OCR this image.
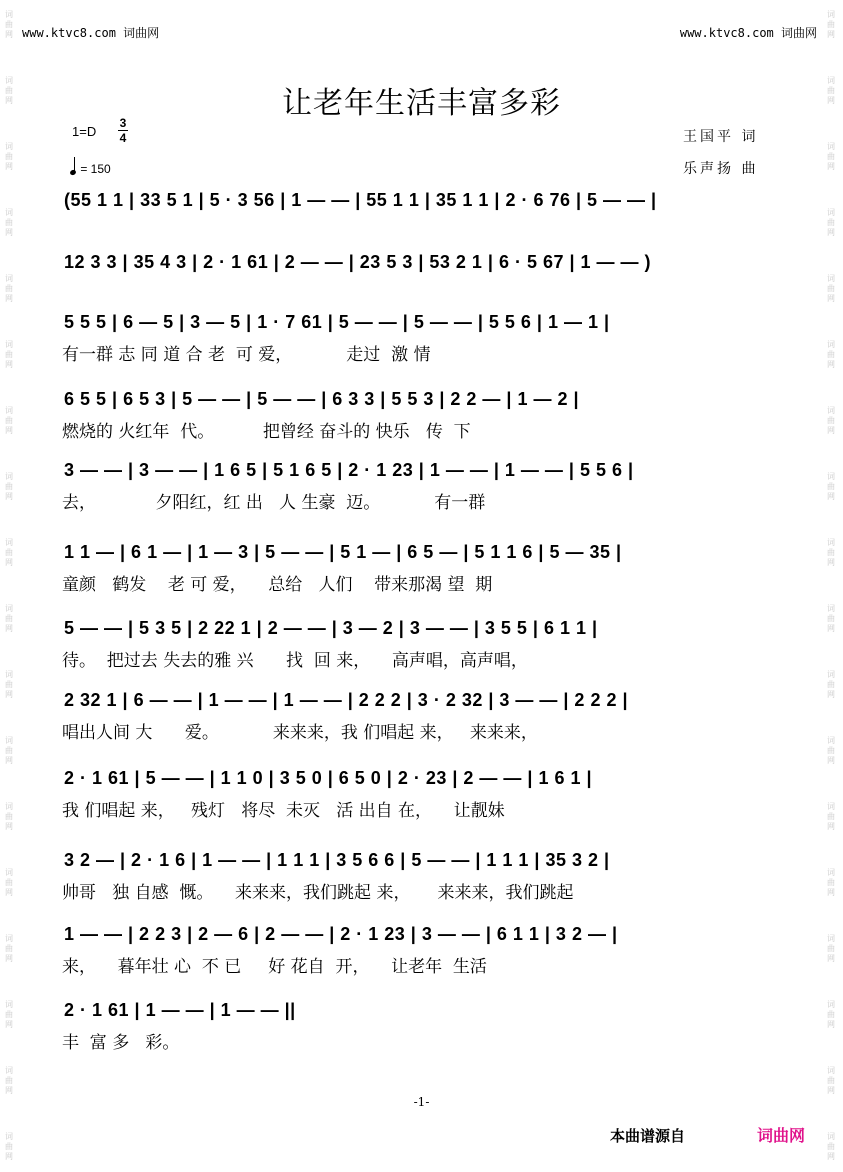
词
曲
网
词
曲
网
词
曲
网
词
曲
网
词
曲
网
词
曲
网
词
曲
网
词
曲
网
词
曲
网
词
曲
网
词
曲
网
词
曲
网
词
曲
网
词
曲
网
词
曲
网
词
曲
网
词
曲
网
词
曲
网
词
曲
网
词
曲
网
词
曲
网
词
曲
网
词
曲
网
词
曲
网
词
曲
网
词
曲
网
词
曲
网
词
曲
网
词
曲
网
词
曲
网
词
曲
网
词
曲
网
词
曲
网
词
曲
网
词
曲
网
词
曲
网
www.ktvc8.com 词曲网	www.ktvc8.com 词曲网
让老年生活丰富多彩
1=D
3
4
= 150
王国平 词
乐声扬 曲
(55 1 1 | 33 5 1 | 5 · 3 56 | 1 — — | 55 1 1 | 35 1 1 | 2 · 6 76 | 5 — — |
12 3 3 | 35 4 3 | 2 · 1 61 | 2 — — | 23 5 3 | 53 2 1 | 6 · 5 67 | 1 — — )
5 5 5 | 6 — 5 | 3 — 5 | 1 · 7 61 | 5 — — | 5 — — | 5 5 6 | 1 — 1 |
有一群 志 同 道 合 老  可 爱，          走过  激 情
6 5 5 | 6 5 3 | 5 — — | 5 — — | 6 3 3 | 5 5 3 | 2 2 — | 1 — 2 |
燃烧的 火红年  代。         把曾经 奋斗的 快乐   传  下
3 — — | 3 — — | 1 6 5 | 5 1 6 5 | 2 · 1 23 | 1 — — | 1 — — | 5 5 6 |
去，           夕阳红，红 出   人 生豪  迈。          有一群
1 1 — | 6 1 — | 1 — 3 | 5 — — | 5 1 — | 6 5 — | 5 1 1 6 | 5 — 35 |
童颜   鹤发    老 可 爱，    总给   人们    带来那渴 望  期
5 — — | 5 3 5 | 2 22 1 | 2 — — | 3 — 2 | 3 — — | 3 5 5 | 6 1 1 |
待。  把过去 失去的雅 兴      找  回 来，    高声唱，高声唱，
2 32 1 | 6 — — | 1 — — | 1 — — | 2 2 2 | 3 · 2 32 | 3 — — | 2 2 2 |
唱出人间 大      爱。          来来来，我 们唱起 来，   来来来，
2 · 1 61 | 5 — — | 1 1 0 | 3 5 0 | 6 5 0 | 2 · 23 | 2 — — | 1 6 1 |
我 们唱起 来，   残灯   将尽  未灭   活 出自 在，    让靓妹
3 2 — | 2 · 1 6 | 1 — — | 1 1 1 | 3 5 6 6 | 5 — — | 1 1 1 | 35 3 2 |
帅哥   独 自感  慨。    来来来，我们跳起 来，     来来来，我们跳起
1 — — | 2 2 3 | 2 — 6 | 2 — — | 2 · 1 23 | 3 — — | 6 1 1 | 3 2 — |
来，    暮年壮 心  不 已     好 花自  开，    让老年  生活
2 · 1 61 | 1 — — | 1 — — ||
丰  富 多   彩。
-1-
本曲谱源自	词曲网
